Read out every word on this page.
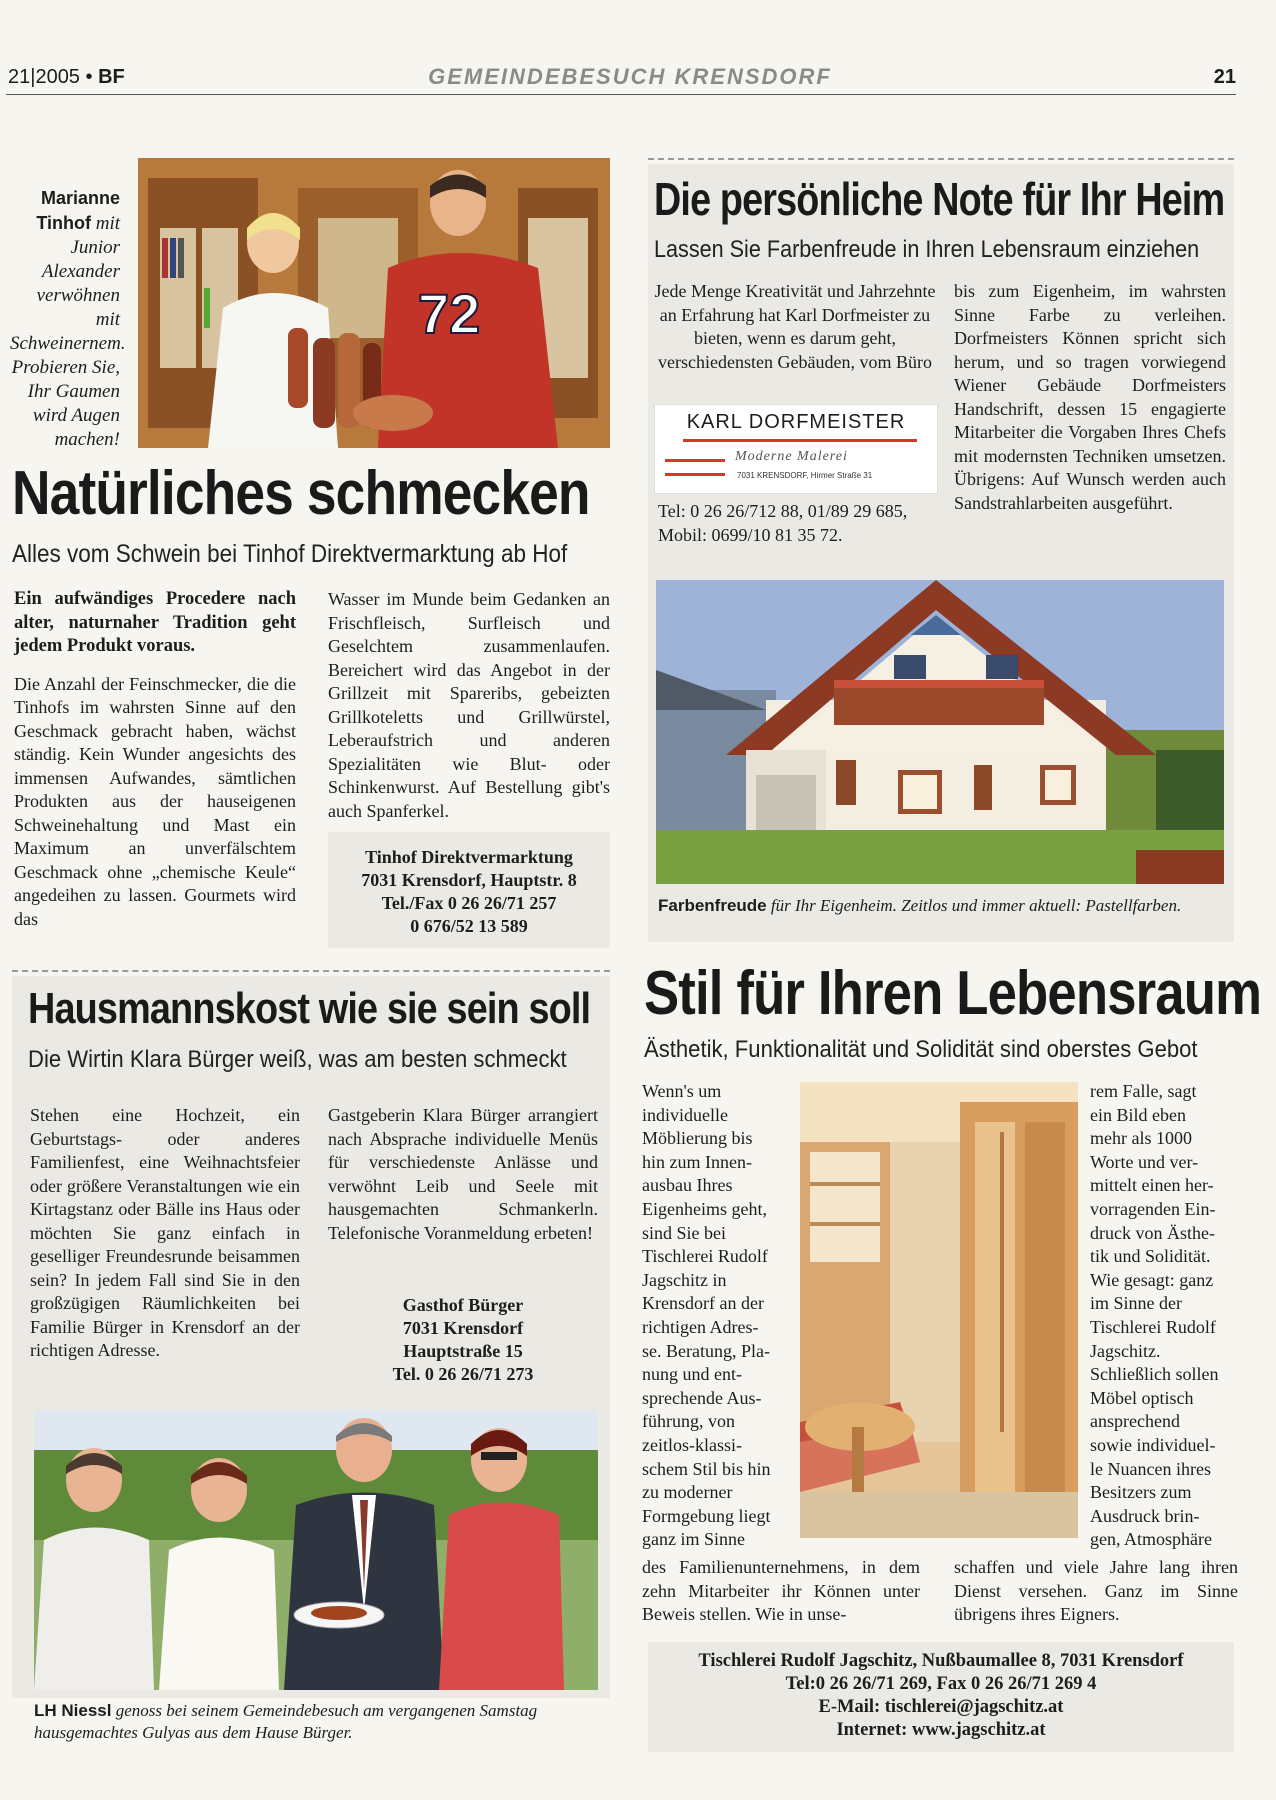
21|2005 • BF	GEMEINDEBESUCH KRENSDORF	21
Marianne Tinhof mit Junior Alexander verwöhnen mit Schweinernem. Probieren Sie, Ihr Gaumen wird Augen machen!
72
Natürliches schmecken
Alles vom Schwein bei Tinhof Direktvermarktung ab Hof
Ein aufwändiges Procedere nach alter, naturnaher Tradition geht jedem Produkt voraus.
Die Anzahl der Feinschmecker, die die Tinhofs im wahrsten Sinne auf den Geschmack gebracht haben, wächst ständig. Kein Wunder angesichts des immensen Aufwandes, sämtlichen Produkten aus der hauseigenen Schweinehaltung und Mast ein Maximum an unverfälschtem Geschmack ohne „chemische Keule“ angedeihen zu lassen. Gourmets wird das
Wasser im Munde beim Gedanken an Frischfleisch, Surfleisch und Geselchtem zusammenlaufen. Bereichert wird das Angebot in der Grillzeit mit Spareribs, gebeizten Grillkoteletts und Grillwürstel, Leberaufstrich und anderen Spezialitäten wie Blut- oder Schinkenwurst. Auf Bestellung gibt's auch Spanferkel.
Tinhof Direktvermarktung
7031 Krensdorf, Hauptstr. 8
Tel./Fax 0 26 26/71 257
0 676/52 13 589
Die persönliche Note für Ihr Heim
Lassen Sie Farbenfreude in Ihren Lebensraum einziehen
Jede Menge Kreativität und Jahrzehnte an Erfahrung hat Karl Dorfmeister zu bieten, wenn es darum geht, verschiedensten Gebäuden, vom Büro
KARL DORFMEISTER
Moderne Malerei
7031 KRENSDORF, Hirmer Straße 31
Tel: 0 26 26/712 88, 01/89 29 685,
Mobil: 0699/10 81 35 72.
bis zum Eigenheim, im wahrsten Sinne Farbe zu verleihen. Dorfmeisters Können spricht sich herum, und so tragen vorwiegend Wiener Gebäude Dorfmeisters Handschrift, dessen 15 engagierte Mitarbeiter die Vorgaben Ihres Chefs mit modernsten Techniken umsetzen. Übrigens: Auf Wunsch werden auch Sandstrahlarbeiten ausgeführt.
Farbenfreude für Ihr Eigenheim. Zeitlos und immer aktuell: Pastellfarben.
Hausmannskost wie sie sein soll
Die Wirtin Klara Bürger weiß, was am besten schmeckt
Stehen eine Hochzeit, ein Geburtstags- oder anderes Familienfest, eine Weihnachtsfeier oder größere Veranstaltungen wie ein Kirtagstanz oder Bälle ins Haus oder möchten Sie ganz einfach in geselliger Freundesrunde beisammen sein? In jedem Fall sind Sie in den großzügigen Räumlichkeiten bei Familie Bürger in Krensdorf an der richtigen Adresse.
Gastgeberin Klara Bürger arrangiert nach Absprache individuelle Menüs für verschiedenste Anlässe und verwöhnt Leib und Seele mit hausgemachten Schmankerln. Telefonische Voranmeldung erbeten!
Gasthof Bürger
7031 Krensdorf
Hauptstraße 15
Tel. 0 26 26/71 273
LH Niessl genoss bei seinem Gemeindebesuch am vergangenen Samstag hausgemachtes Gulyas aus dem Hause Bürger.
Stil für Ihren Lebensraum
Ästhetik, Funktionalität und Solidität sind oberstes Gebot
Wenn's um
individuelle
Möblierung bis
hin zum Innen-
ausbau Ihres
Eigenheims geht,
sind Sie bei
Tischlerei Rudolf
Jagschitz in
Krensdorf an der
richtigen Adres-
se. Beratung, Pla-
nung und ent-
sprechende Aus-
führung, von
zeitlos-klassi-
schem Stil bis hin
zu moderner
Formgebung liegt
ganz im Sinne
rem Falle, sagt
ein Bild eben
mehr als 1000
Worte und ver-
mittelt einen her-
vorragenden Ein-
druck von Ästhe-
tik und Solidität.
Wie gesagt: ganz
im Sinne der
Tischlerei Rudolf
Jagschitz.
Schließlich sollen
Möbel optisch
ansprechend
sowie individuel-
le Nuancen ihres
Besitzers zum
Ausdruck brin-
gen, Atmosphäre
des Familienunternehmens, in dem zehn Mitarbeiter ihr Können unter Beweis stellen. Wie in unse-
schaffen und viele Jahre lang ihren Dienst versehen. Ganz im Sinne übrigens ihres Eigners.
Tischlerei Rudolf Jagschitz, Nußbaumallee 8, 7031 Krensdorf
Tel:0 26 26/71 269, Fax 0 26 26/71 269 4
E-Mail: tischlerei@jagschitz.at
Internet: www.jagschitz.at
